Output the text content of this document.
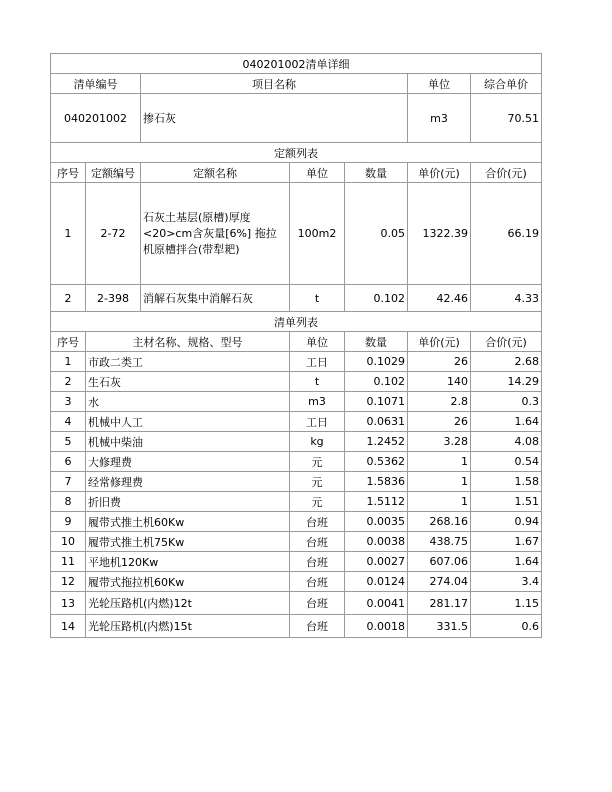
040201002清单详细						
清单编号		项目名称			单位	综合单价
040201002		掺石灰			m3	70.51
定额列表						
序号	定额编号	定额名称	单位	数量	单价(元)	合价(元)
1	2-72	石灰土基层(原槽)厚度<20>cm含灰量[6%] 拖拉机原槽拌合(带犁耙)	100m2	0.05	1322.39	66.19
2	2-398	消解石灰集中消解石灰	t	0.102	42.46	4.33
清单列表						
序号	主材名称、规格、型号		单位	数量	单价(元)	合价(元)
1	市政二类工		工日	0.1029	26	2.68
2	生石灰		t	0.102	140	14.29
3	水		m3	0.1071	2.8	0.3
4	机械中人工		工日	0.0631	26	1.64
5	机械中柴油		kg	1.2452	3.28	4.08
6	大修理费		元	0.5362	1	0.54
7	经常修理费		元	1.5836	1	1.58
8	折旧费		元	1.5112	1	1.51
9	履带式推土机60Kw		台班	0.0035	268.16	0.94
10	履带式推土机75Kw		台班	0.0038	438.75	1.67
11	平地机120Kw		台班	0.0027	607.06	1.64
12	履带式拖拉机60Kw		台班	0.0124	274.04	3.4
13	光轮压路机(内燃)12t		台班	0.0041	281.17	1.15
14	光轮压路机(内燃)15t		台班	0.0018	331.5	0.6
